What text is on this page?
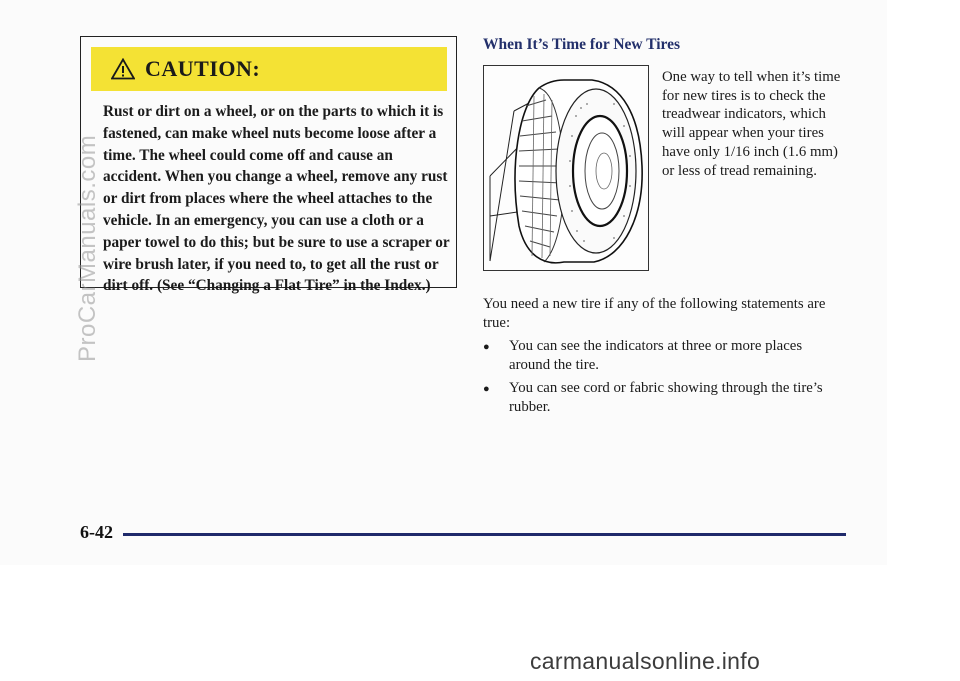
CAUTION:
Rust or dirt on a wheel, or on the parts to which it is fastened, can make wheel nuts become loose after a time. The wheel could come off and cause an accident. When you change a wheel, remove any rust or dirt from places where the wheel attaches to the vehicle. In an emergency, you can use a cloth or a paper towel to do this; but be sure to use a scraper or wire brush later, if you need to, to get all the rust or dirt off. (See “Changing a Flat Tire” in the Index.)
When It’s Time for New Tires
One way to tell when it’s time for new tires is to check the treadwear indicators, which will appear when your tires have only 1/16 inch (1.6 mm) or less of tread remaining.
You need a new tire if any of the following statements are true:
●	You can see the indicators at three or more places around the tire.
●	You can see cord or fabric showing through the tire’s rubber.
6-42
ProCarManuals.com
carmanualsonline.info
